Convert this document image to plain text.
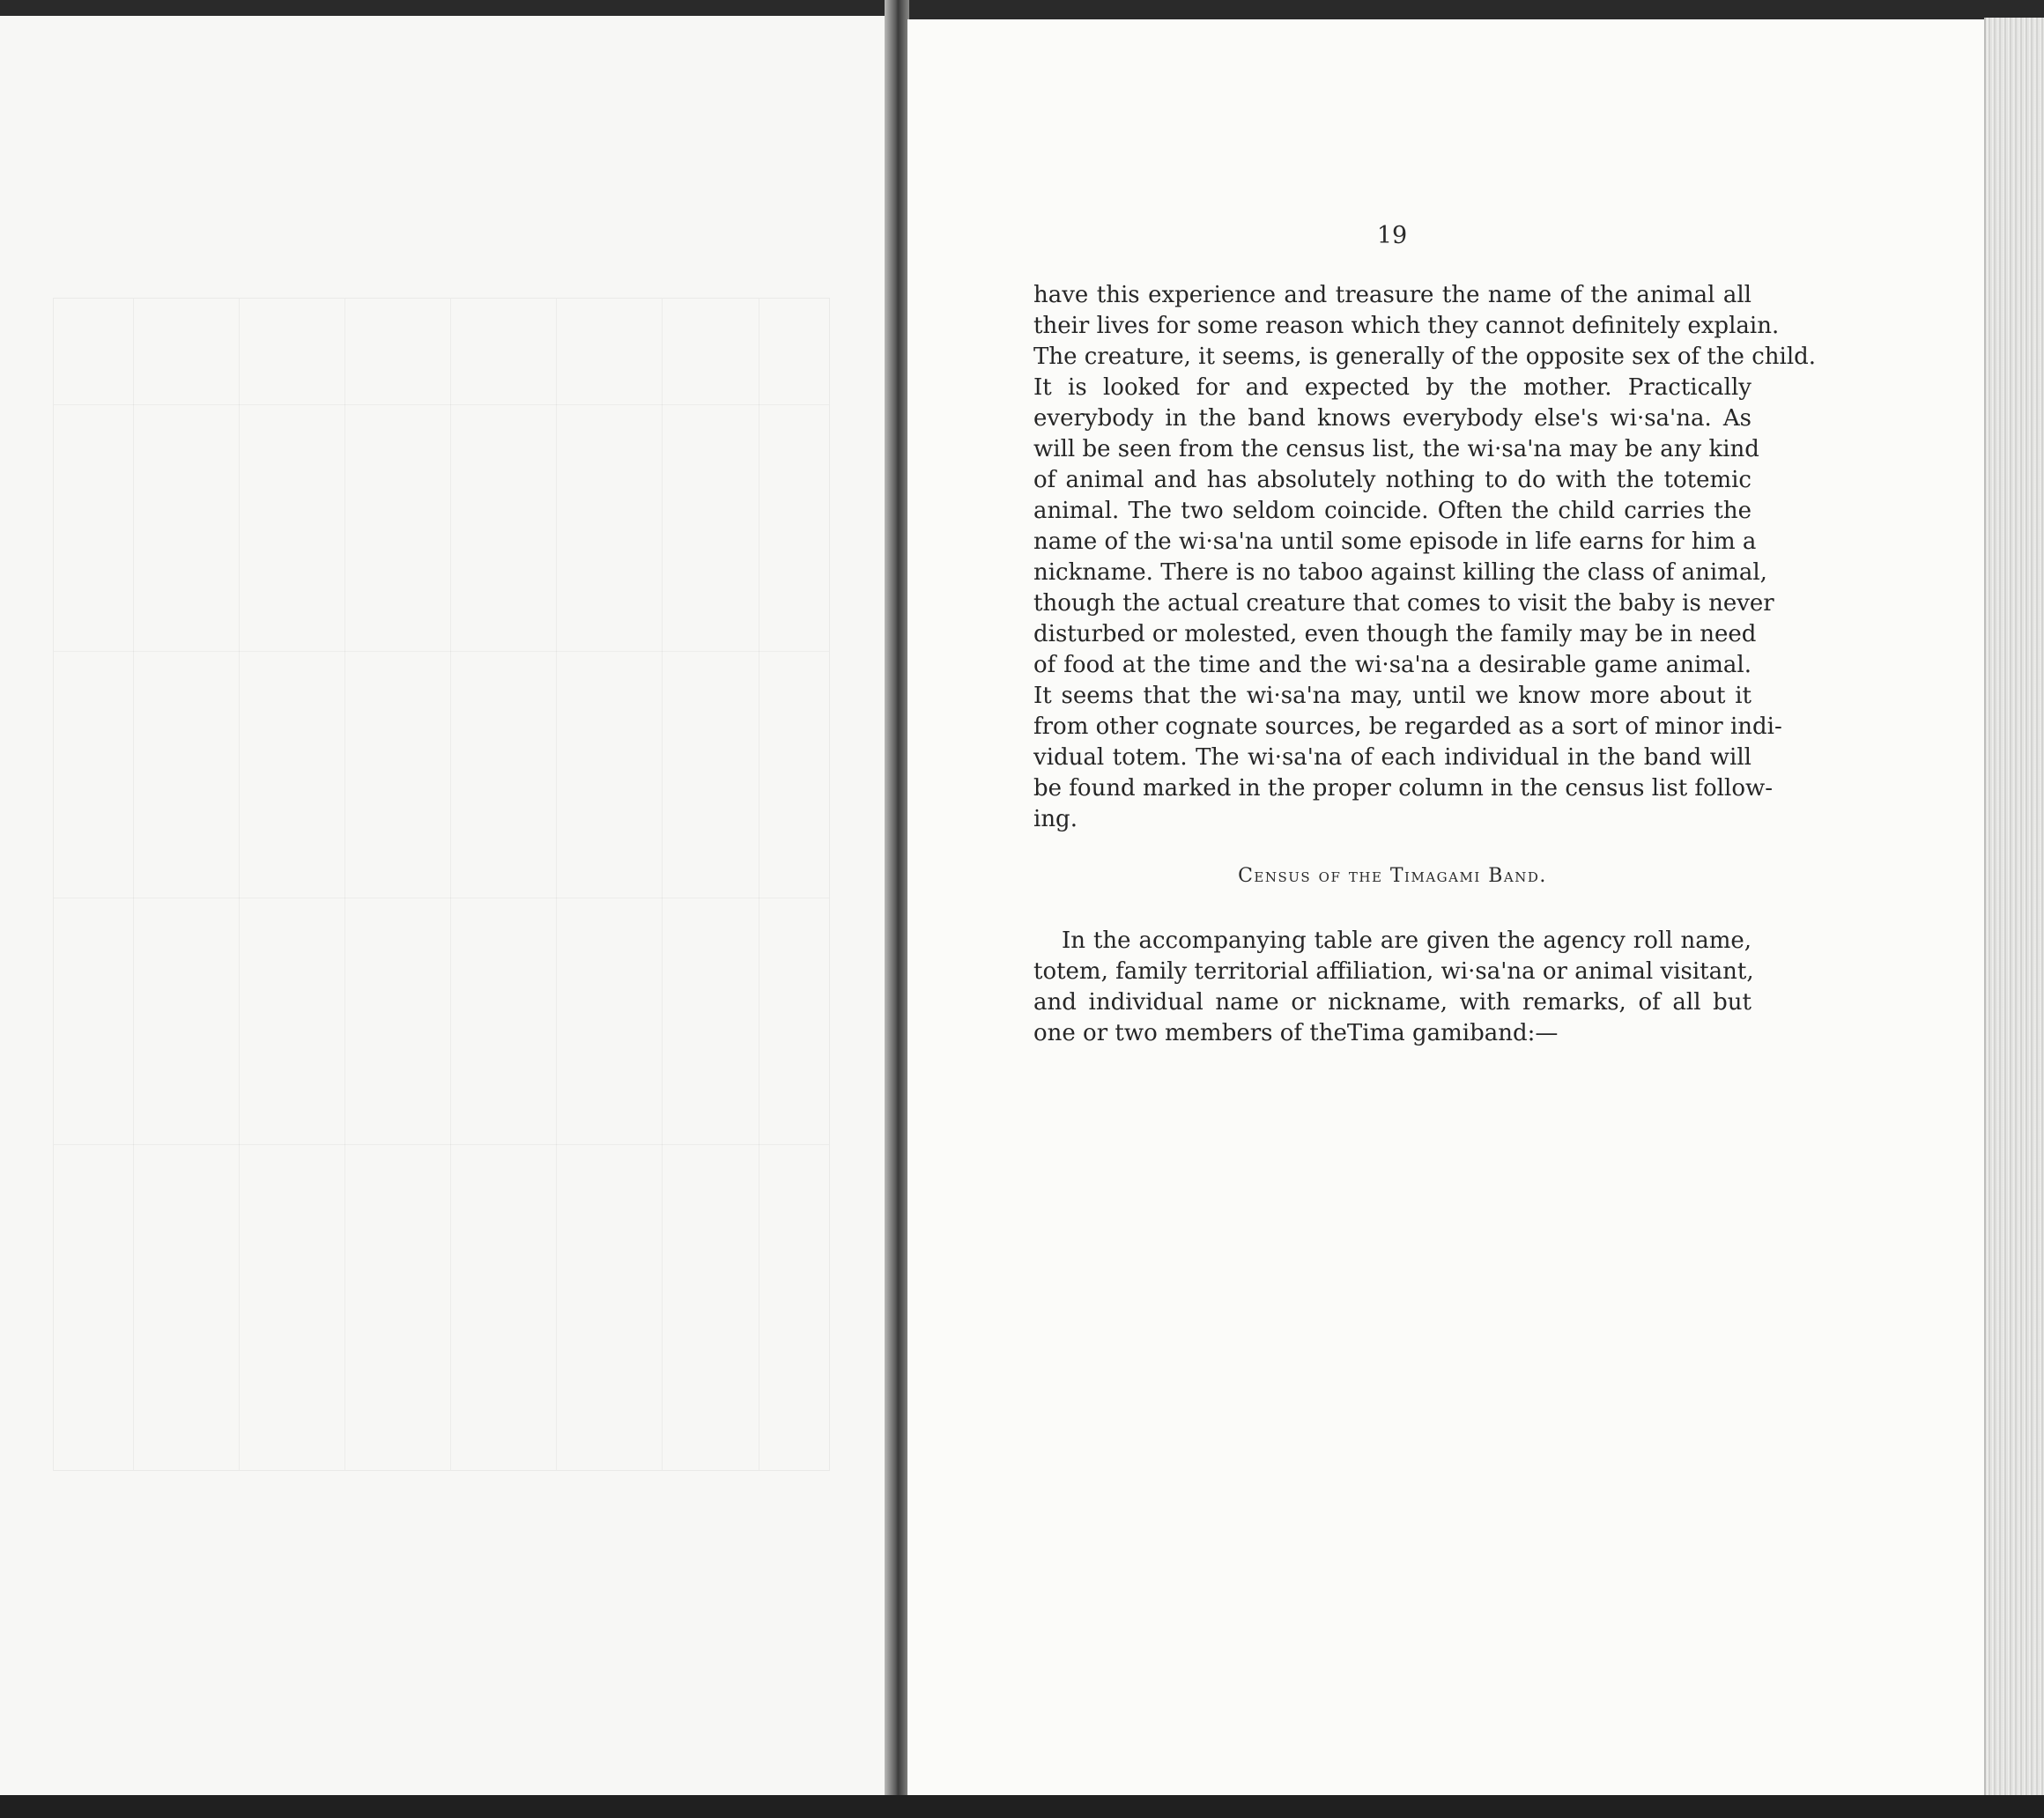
19
have this experience and treasure the name of the animal all
their lives for some reason which they cannot definitely explain.
The creature, it seems, is generally of the opposite sex of the child.
It is looked for and expected by the mother. Practically
everybody in the band knows everybody else's wi·sa'na. As
will be seen from the census list, the wi·sa'na may be any kind
of animal and has absolutely nothing to do with the totemic
animal. The two seldom coincide. Often the child carries the
name of the wi·sa'na until some episode in life earns for him a
nickname. There is no taboo against killing the class of animal,
though the actual creature that comes to visit the baby is never
disturbed or molested, even though the family may be in need
of food at the time and the wi·sa'na a desirable game animal.
It seems that the wi·sa'na may, until we know more about it
from other cognate sources, be regarded as a sort of minor indi-
vidual totem. The wi·sa'na of each individual in the band will
be found marked in the proper column in the census list follow-
ing.
Census of the Timagami Band.
In the accompanying table are given the agency roll name,
totem, family territorial affiliation, wi·sa'na or animal visitant,
and individual name or nickname, with remarks, of all but
one or two members of theTima gamiband:—
